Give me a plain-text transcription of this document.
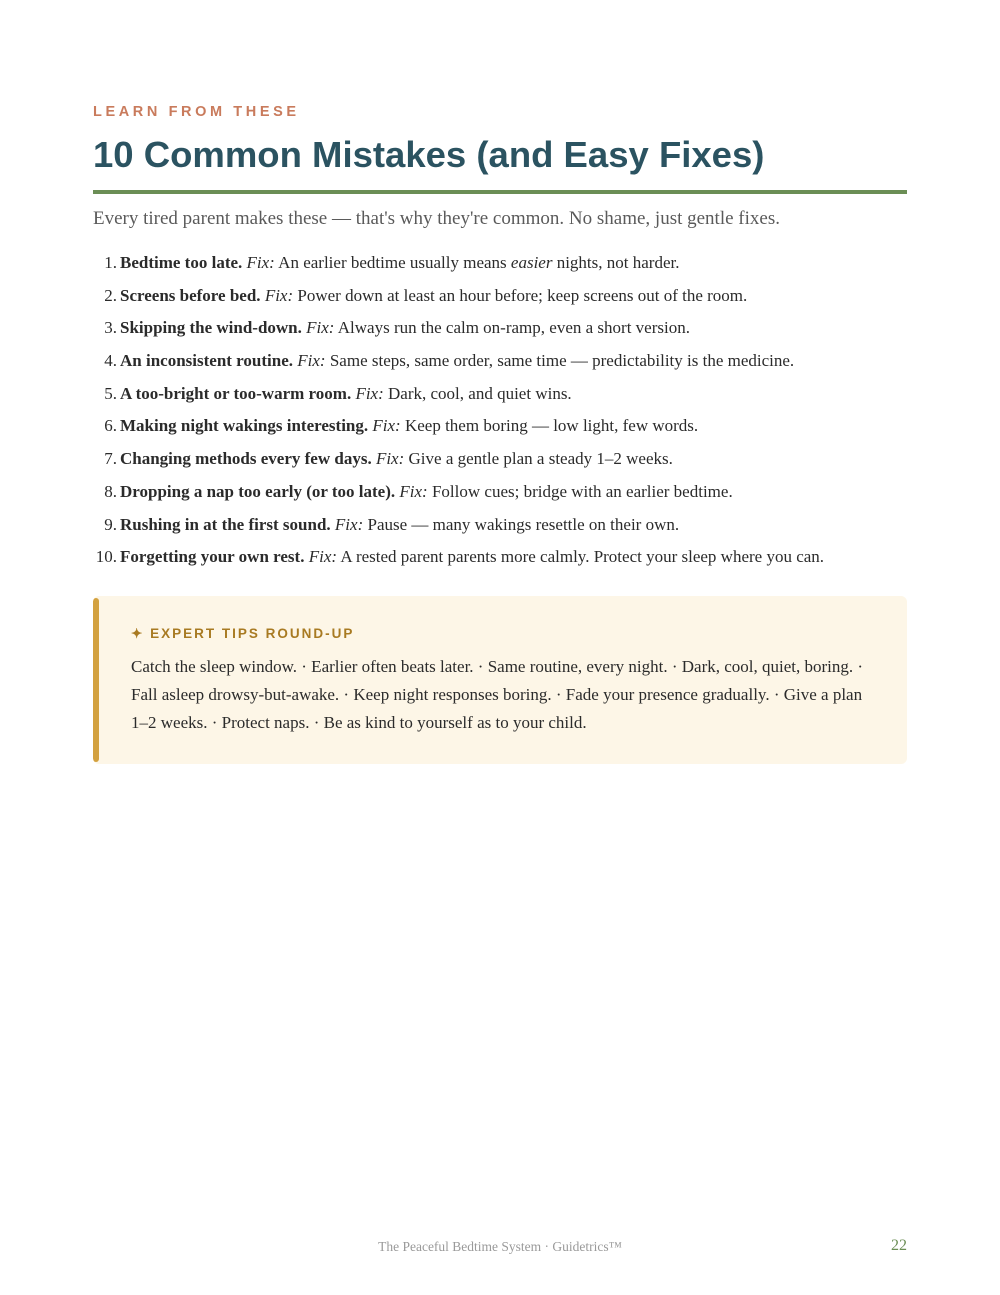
LEARN FROM THESE
10 Common Mistakes (and Easy Fixes)
Every tired parent makes these — that's why they're common. No shame, just gentle fixes.
1. Bedtime too late. Fix: An earlier bedtime usually means easier nights, not harder.
2. Screens before bed. Fix: Power down at least an hour before; keep screens out of the room.
3. Skipping the wind-down. Fix: Always run the calm on-ramp, even a short version.
4. An inconsistent routine. Fix: Same steps, same order, same time — predictability is the medicine.
5. A too-bright or too-warm room. Fix: Dark, cool, and quiet wins.
6. Making night wakings interesting. Fix: Keep them boring — low light, few words.
7. Changing methods every few days. Fix: Give a gentle plan a steady 1–2 weeks.
8. Dropping a nap too early (or too late). Fix: Follow cues; bridge with an earlier bedtime.
9. Rushing in at the first sound. Fix: Pause — many wakings resettle on their own.
10. Forgetting your own rest. Fix: A rested parent parents more calmly. Protect your sleep where you can.
✦ EXPERT TIPS ROUND-UP
Catch the sleep window. · Earlier often beats later. · Same routine, every night. · Dark, cool, quiet, boring. · Fall asleep drowsy-but-awake. · Keep night responses boring. · Fade your presence gradually. · Give a plan 1–2 weeks. · Protect naps. · Be as kind to yourself as to your child.
The Peaceful Bedtime System · Guidetrics™	22
